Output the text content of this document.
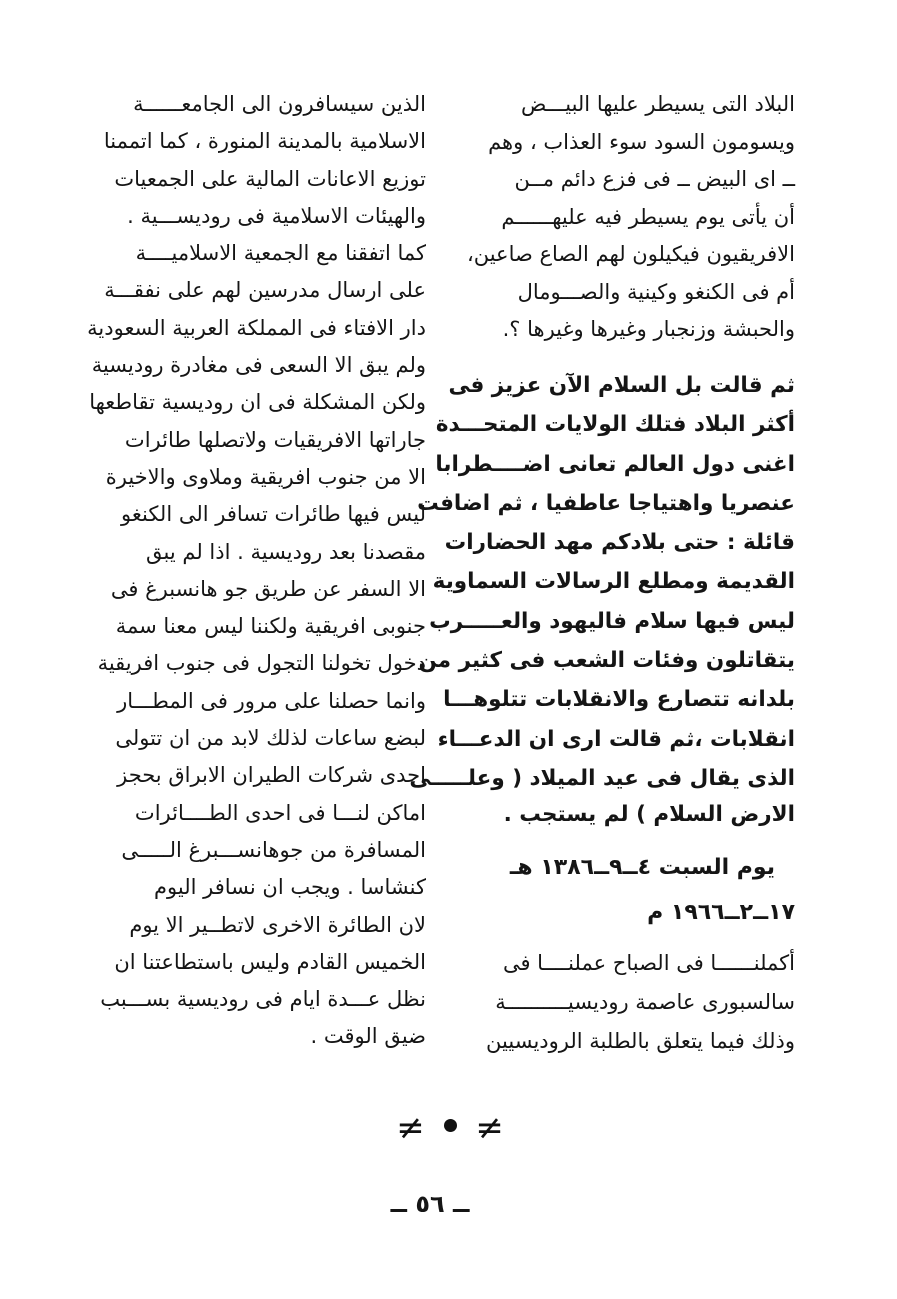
البلاد التى يسيطر عليها البيـــض
ويسومون السود سوء العذاب ، وهم
ــ اى البيض ــ فى فزع دائم مــن
أن يأتى يوم يسيطر فيه عليهــــــم
الافريقيون فيكيلون لهم الصاع صاعين،
أم فى الكنغو وكينية والصـــومال
والحبشة وزنجبار وغيرها وغيرها ؟.
ثم قالت بل السلام الآن عزيز فى
أكثر البلاد فتلك الولايات المتحـــدة
اغنى دول العالم تعانى اضــــطرابا
عنصريا واهتياجا عاطفيا ، ثم اضافت
قائلة : حتى بلادكم مهد الحضارات
القديمة ومطلع الرسالات السماوية
ليس فيها سلام فاليهود والعـــــرب
يتقاتلون وفئات الشعب فى كثير من
بلدانه تتصارع والانقلابات تتلوهـــا
انقلابات ،ثم قالت ارى ان الدعـــاء
الذى يقال فى عيد الميلاد ( وعلـــــى
الارض السلام ) لم يستجب .
يوم السبت ٤ــ٩ــ١٣٨٦ هـ
١٧ــ٢ــ١٩٦٦ م
أكملنــــــا فى الصباح عملنــــا فى
سالسبورى عاصمة روديسيــــــــــة
وذلك فيما يتعلق بالطلبة الروديسيين
الذين سيسافرون الى الجامعــــــة
الاسلامية بالمدينة المنورة ، كما اتممنا
توزيع الاعانات المالية على الجمعيات
والهيئات الاسلامية فى روديســـية .
كما اتفقنا مع الجمعية الاسلاميــــة
على ارسال مدرسين لهم على نفقـــة
دار الافتاء فى المملكة العربية السعودية
ولم يبق الا السعى فى مغادرة روديسية
ولكن المشكلة فى ان روديسية تقاطعها
جاراتها الافريقيات ولاتصلها طائرات
الا من جنوب افريقية وملاوى والاخيرة
ليس فيها طائرات تسافر الى الكنغو
مقصدنا بعد روديسية . اذا لم يبق
الا السفر عن طريق جو هانسبرغ فى
جنوبى افريقية ولكننا ليس معنا سمة
دخول تخولنا التجول فى جنوب افريقية
وانما حصلنا على مرور فى المطـــار
لبضع ساعات لذلك لابد من ان تتولى
احدى شركات الطيران الابراق بحجز
اماكن لنـــا فى احدى الطــــائرات
المسافرة من جوهانســـبرغ الـــــى
كنشاسا . ويجب ان نسافر اليوم
لان الطائرة الاخرى لاتطــير الا يوم
الخميس القادم وليس باستطاعتنا ان
نظل عـــدة ايام فى روديسية بســـبب
ضيق الوقت .
≠ ≠
ــ ٥٦ ــ
